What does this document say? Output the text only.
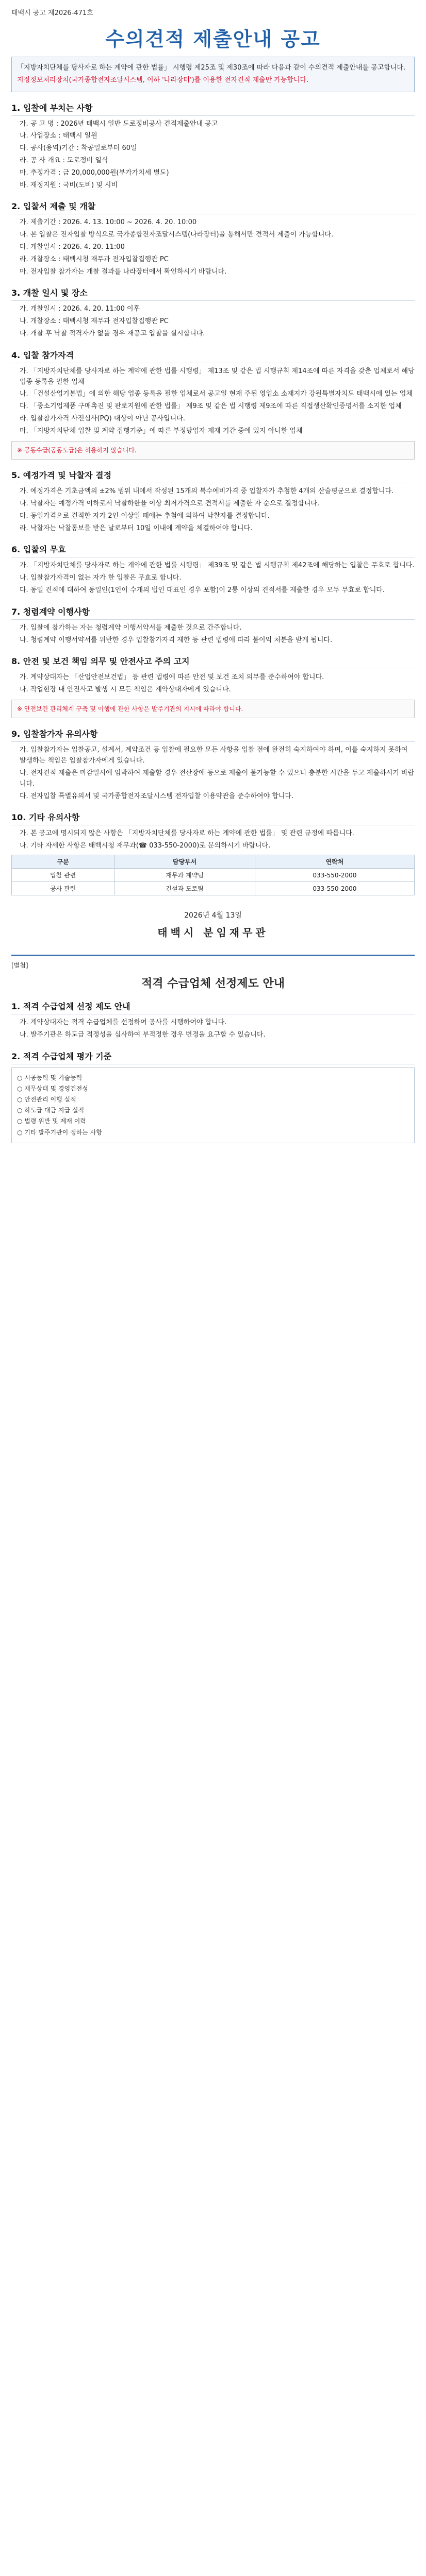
태백시 공고 제2026-471호
수의견적 제출안내 공고
「지방자치단체를 당사자로 하는 계약에 관한 법률」 시행령 제25조 및 제30조에 따라 다음과 같이 수의견적 제출안내를 공고합니다.
지정정보처리장치(국가종합전자조달시스템, 이하 '나라장터')를 이용한 전자견적 제출만 가능합니다.
1. 입찰에 부치는 사항
가. 공 고 명 : 2026년 태백시 일반 도로정비공사 견적제출안내 공고
나. 사업장소 : 태백시 일원
다. 공사(용역)기간 : 착공일로부터 60일
라. 공 사 개요 : 도로정비 일식
마. 추정가격 : 금 20,000,000원(부가가치세 별도)
바. 재정지원 : 국비(도비) 및 시비
2. 입찰서 제출 및 개찰
가. 제출기간 : 2026. 4. 13. 10:00 ~ 2026. 4. 20. 10:00
나. 본 입찰은 전자입찰 방식으로 국가종합전자조달시스템(나라장터)을 통해서만 견적서 제출이 가능합니다.
다. 개찰일시 : 2026. 4. 20. 11:00
라. 개찰장소 : 태백시청 재무과 전자입찰집행관 PC
마. 전자입찰 참가자는 개찰 결과를 나라장터에서 확인하시기 바랍니다.
3. 개찰 일시 및 장소
가. 개찰일시 : 2026. 4. 20. 11:00 이후
나. 개찰장소 : 태백시청 재무과 전자입찰집행관 PC
다. 개찰 후 낙찰 적격자가 없을 경우 재공고 입찰을 실시합니다.
4. 입찰 참가자격
가. 「지방자치단체를 당사자로 하는 계약에 관한 법률 시행령」 제13조 및 같은 법 시행규칙 제14조에 따른 자격을 갖춘 업체로서 해당 업종 등록을 필한 업체
나. 「건설산업기본법」에 의한 해당 업종 등록을 필한 업체로서 공고일 현재 주된 영업소 소재지가 강원특별자치도 태백시에 있는 업체
다. 「중소기업제품 구매촉진 및 판로지원에 관한 법률」 제9조 및 같은 법 시행령 제9조에 따른 직접생산확인증명서를 소지한 업체
라. 입찰참가자격 사전심사(PQ) 대상이 아닌 공사입니다.
마. 「지방자치단체 입찰 및 계약 집행기준」에 따른 부정당업자 제재 기간 중에 있지 아니한 업체
※ 공동수급(공동도급)은 허용하지 않습니다.
5. 예정가격 및 낙찰자 결정
가. 예정가격은 기초금액의 ±2% 범위 내에서 작성된 15개의 복수예비가격 중 입찰자가 추첨한 4개의 산술평균으로 결정합니다.
나. 낙찰자는 예정가격 이하로서 낙찰하한율 이상 최저가격으로 견적서를 제출한 자 순으로 결정합니다.
다. 동일가격으로 견적한 자가 2인 이상일 때에는 추첨에 의하여 낙찰자를 결정합니다.
라. 낙찰자는 낙찰통보를 받은 날로부터 10일 이내에 계약을 체결하여야 합니다.
6. 입찰의 무효
가. 「지방자치단체를 당사자로 하는 계약에 관한 법률 시행령」 제39조 및 같은 법 시행규칙 제42조에 해당하는 입찰은 무효로 합니다.
나. 입찰참가자격이 없는 자가 한 입찰은 무효로 합니다.
다. 동일 견적에 대하여 동일인(1인이 수개의 법인 대표인 경우 포함)이 2통 이상의 견적서를 제출한 경우 모두 무효로 합니다.
7. 청렴계약 이행사항
가. 입찰에 참가하는 자는 청렴계약 이행서약서를 제출한 것으로 간주합니다.
나. 청렴계약 이행서약서를 위반한 경우 입찰참가자격 제한 등 관련 법령에 따라 불이익 처분을 받게 됩니다.
8. 안전 및 보건 책임 의무 및 안전사고 주의 고지
가. 계약상대자는 「산업안전보건법」 등 관련 법령에 따른 안전 및 보건 조치 의무를 준수하여야 합니다.
나. 작업현장 내 안전사고 발생 시 모든 책임은 계약상대자에게 있습니다.
※ 안전보건 관리체계 구축 및 이행에 관한 사항은 발주기관의 지시에 따라야 합니다.
9. 입찰참가자 유의사항
가. 입찰참가자는 입찰공고, 설계서, 계약조건 등 입찰에 필요한 모든 사항을 입찰 전에 완전히 숙지하여야 하며, 이를 숙지하지 못하여 발생하는 책임은 입찰참가자에게 있습니다.
나. 전자견적 제출은 마감일시에 임박하여 제출할 경우 전산장애 등으로 제출이 불가능할 수 있으니 충분한 시간을 두고 제출하시기 바랍니다.
다. 전자입찰 특별유의서 및 국가종합전자조달시스템 전자입찰 이용약관을 준수하여야 합니다.
10. 기타 유의사항
가. 본 공고에 명시되지 않은 사항은 「지방자치단체를 당사자로 하는 계약에 관한 법률」 및 관련 규정에 따릅니다.
나. 기타 자세한 사항은 태백시청 재무과(☎ 033-550-2000)로 문의하시기 바랍니다.
구분	담당부서	연락처
입찰 관련	재무과 계약팀	033-550-2000
공사 관련	건설과 도로팀	033-550-2000
2026년 4월 13일
태백시 분임재무관
[별첨]
적격 수급업체 선정제도 안내
1. 적격 수급업체 선정 제도 안내
가. 계약상대자는 적격 수급업체를 선정하여 공사를 시행하여야 합니다.
나. 발주기관은 하도급 적정성을 심사하여 부적정한 경우 변경을 요구할 수 있습니다.
2. 적격 수급업체 평가 기준
○ 시공능력 및 기술능력
○ 재무상태 및 경영건전성
○ 안전관리 이행 실적
○ 하도급 대금 지급 실적
○ 법령 위반 및 제재 이력
○ 기타 발주기관이 정하는 사항
